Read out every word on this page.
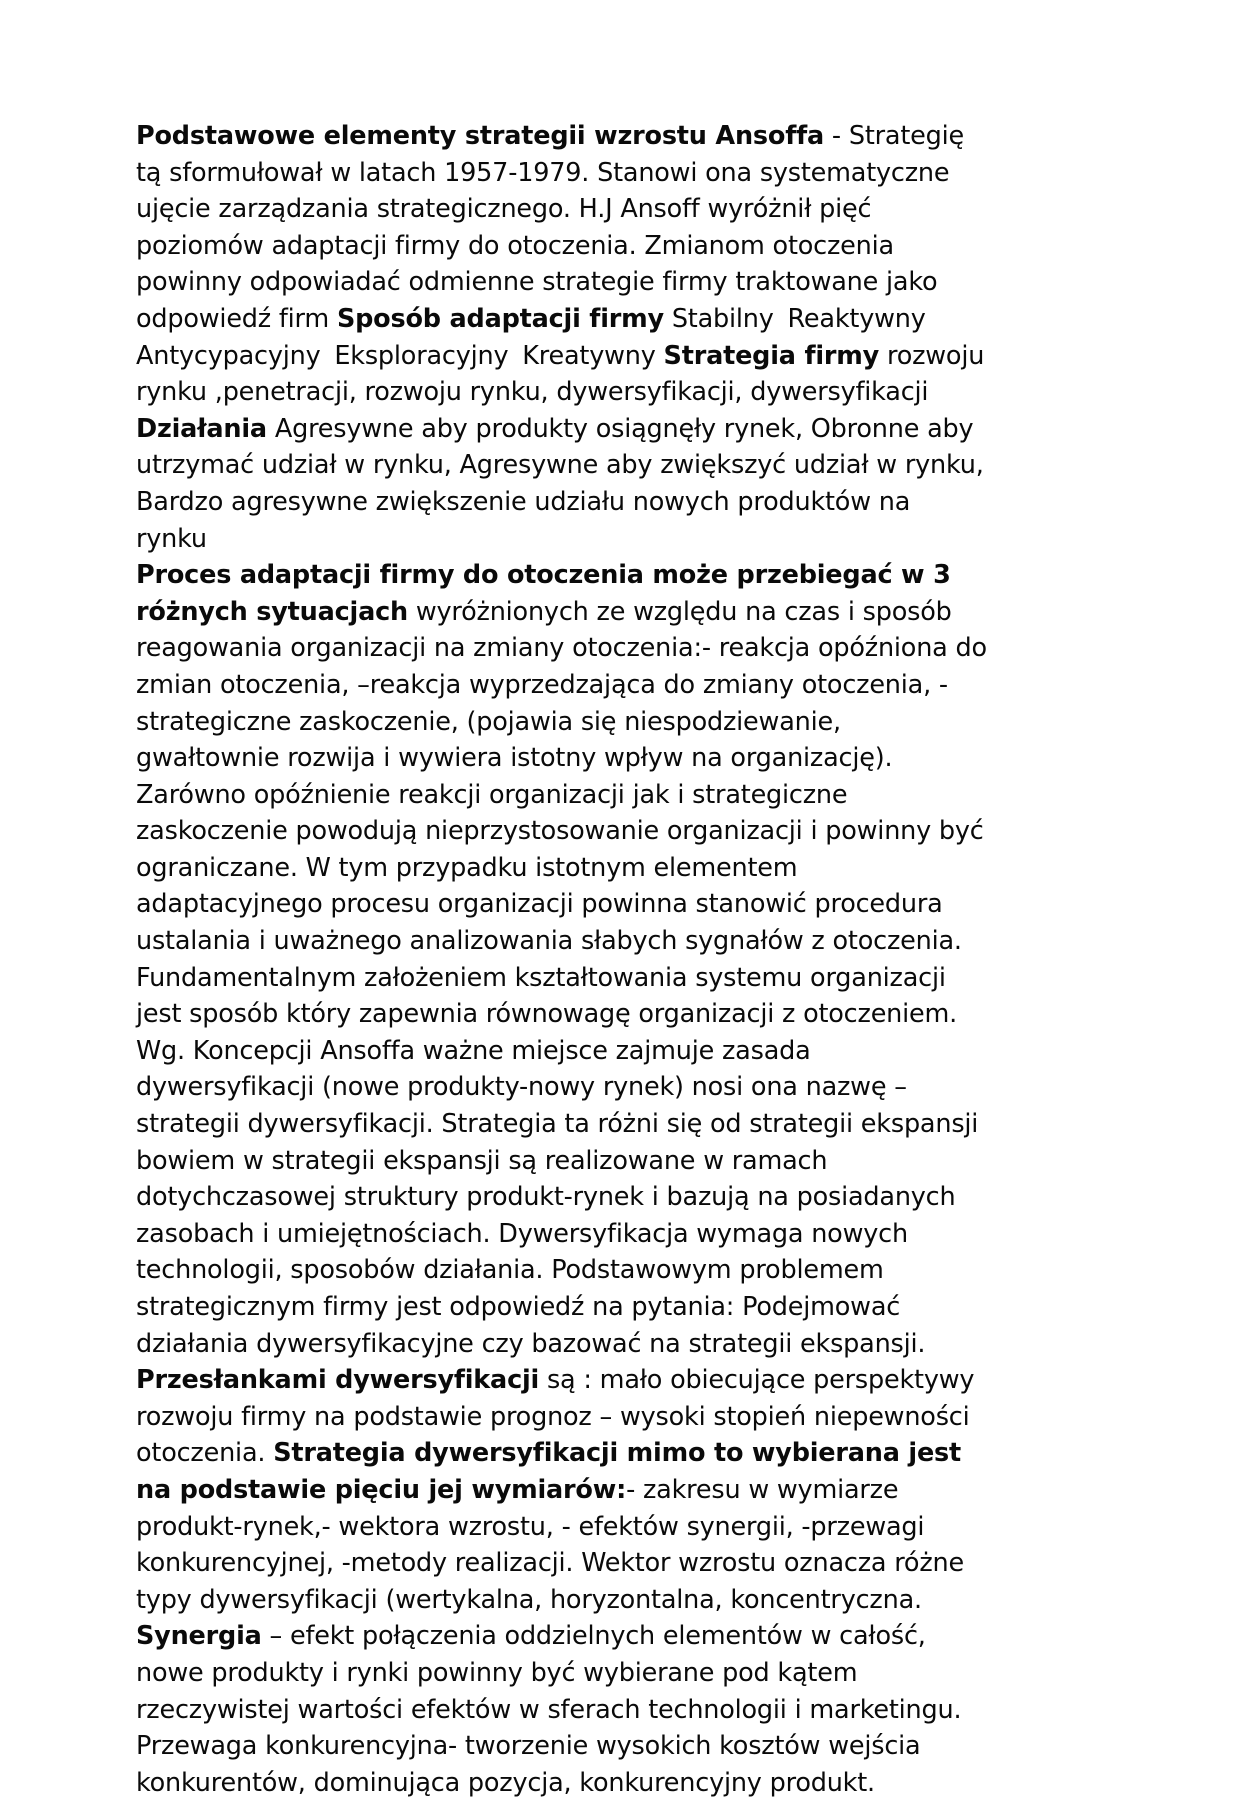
Podstawowe elementy strategii wzrostu Ansoffa - Strategię tą sformułował w latach 1957-1979. Stanowi ona systematyczne ujęcie zarządzania strategicznego. H.J Ansoff wyróżnił pięć poziomów adaptacji firmy do otoczenia. Zmianom otoczenia powinny odpowiadać odmienne strategie firmy traktowane jako odpowiedź firm Sposób adaptacji firmy Stabilny Reaktywny Antycypacyjny Eksploracyjny Kreatywny Strategia firmy rozwoju rynku ,penetracji, rozwoju rynku, dywersyfikacji, dywersyfikacji Działania Agresywne aby produkty osiągnęły rynek, Obronne aby utrzymać udział w rynku, Agresywne aby zwiększyć udział w rynku, Bardzo agresywne zwiększenie udziału nowych produktów na rynku

Proces adaptacji firmy do otoczenia może przebiegać w 3 różnych sytuacjach wyróżnionych ze względu na czas i sposób reagowania organizacji na zmiany otoczenia:- reakcja opóźniona do zmian otoczenia, –reakcja wyprzedzająca do zmiany otoczenia, - strategiczne zaskoczenie, (pojawia się niespodziewanie, gwałtownie rozwija i wywiera istotny wpływ na organizację). Zarówno opóźnienie reakcji organizacji jak i strategiczne zaskoczenie powodują nieprzystosowanie organizacji i powinny być ograniczane. W tym przypadku istotnym elementem adaptacyjnego procesu organizacji powinna stanowić procedura ustalania i uważnego analizowania słabych sygnałów z otoczenia. Fundamentalnym założeniem kształtowania systemu organizacji jest sposób który zapewnia równowagę organizacji z otoczeniem. Wg. Koncepcji Ansoffa ważne miejsce zajmuje zasada dywersyfikacji (nowe produkty-nowy rynek) nosi ona nazwę – strategii dywersyfikacji. Strategia ta różni się od strategii ekspansji bowiem w strategii ekspansji są realizowane w ramach dotychczasowej struktury produkt-rynek i bazują na posiadanych zasobach i umiejętnościach. Dywersyfikacja wymaga nowych technologii, sposobów działania. Podstawowym problemem strategicznym firmy jest odpowiedź na pytania: Podejmować działania dywersyfikacyjne czy bazować na strategii ekspansji. Przesłankami dywersyfikacji są : mało obiecujące perspektywy rozwoju firmy na podstawie prognoz – wysoki stopień niepewności otoczenia. Strategia dywersyfikacji mimo to wybierana jest na podstawie pięciu jej wymiarów:- zakresu w wymiarze produkt-rynek,- wektora wzrostu, - efektów synergii, -przewagi konkurencyjnej, -metody realizacji. Wektor wzrostu oznacza różne typy dywersyfikacji (wertykalna, horyzontalna, koncentryczna. Synergia – efekt połączenia oddzielnych elementów w całość, nowe produkty i rynki powinny być wybierane pod kątem rzeczywistej wartości efektów w sferach technologii i marketingu. Przewaga konkurencyjna- tworzenie wysokich kosztów wejścia konkurentów, dominująca pozycja, konkurencyjny produkt.
